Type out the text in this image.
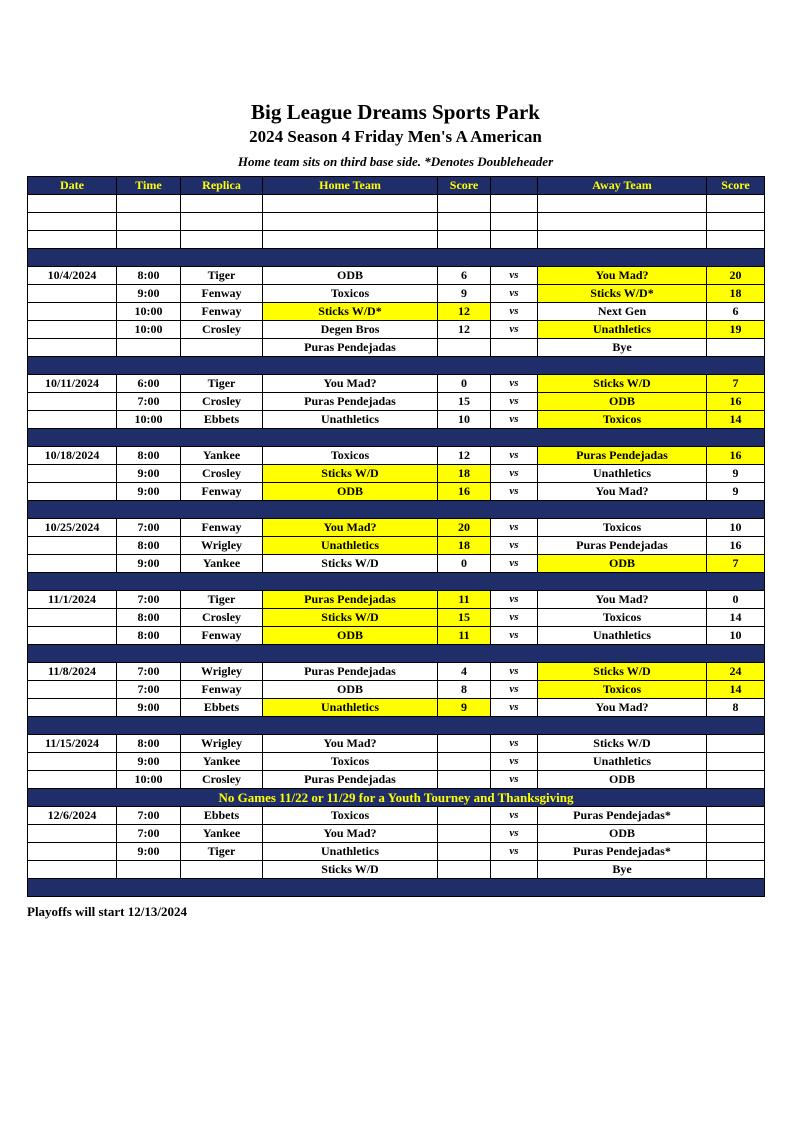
Big League Dreams Sports Park
2024 Season 4 Friday Men's A American
Home team sits on third base side. *Denotes Doubleheader
Date	Time	Replica	Home Team	Score		Away Team	Score

10/4/2024	8:00	Tiger	ODB	6	vs	You Mad?	20
	9:00	Fenway	Toxicos	9	vs	Sticks W/D*	18
	10:00	Fenway	Sticks W/D*	12	vs	Next Gen	6
	10:00	Crosley	Degen Bros	12	vs	Unathletics	19
			Puras Pendejadas			Bye	

10/11/2024	6:00	Tiger	You Mad?	0	vs	Sticks W/D	7
	7:00	Crosley	Puras Pendejadas	15	vs	ODB	16
	10:00	Ebbets	Unathletics	10	vs	Toxicos	14

10/18/2024	8:00	Yankee	Toxicos	12	vs	Puras Pendejadas	16
	9:00	Crosley	Sticks W/D	18	vs	Unathletics	9
	9:00	Fenway	ODB	16	vs	You Mad?	9

10/25/2024	7:00	Fenway	You Mad?	20	vs	Toxicos	10
	8:00	Wrigley	Unathletics	18	vs	Puras Pendejadas	16
	9:00	Yankee	Sticks W/D	0	vs	ODB	7

11/1/2024	7:00	Tiger	Puras Pendejadas	11	vs	You Mad?	0
	8:00	Crosley	Sticks W/D	15	vs	Toxicos	14
	8:00	Fenway	ODB	11	vs	Unathletics	10

11/8/2024	7:00	Wrigley	Puras Pendejadas	4	vs	Sticks W/D	24
	7:00	Fenway	ODB	8	vs	Toxicos	14
	9:00	Ebbets	Unathletics	9	vs	You Mad?	8

11/15/2024	8:00	Wrigley	You Mad?		vs	Sticks W/D	
	9:00	Yankee	Toxicos		vs	Unathletics	
	10:00	Crosley	Puras Pendejadas		vs	ODB	
No Games 11/22 or 11/29 for a Youth Tourney and Thanksgiving							
12/6/2024	7:00	Ebbets	Toxicos		vs	Puras Pendejadas*	
	7:00	Yankee	You Mad?		vs	ODB	
	9:00	Tiger	Unathletics		vs	Puras Pendejadas*	
			Sticks W/D			Bye	

Playoffs will start 12/13/2024
